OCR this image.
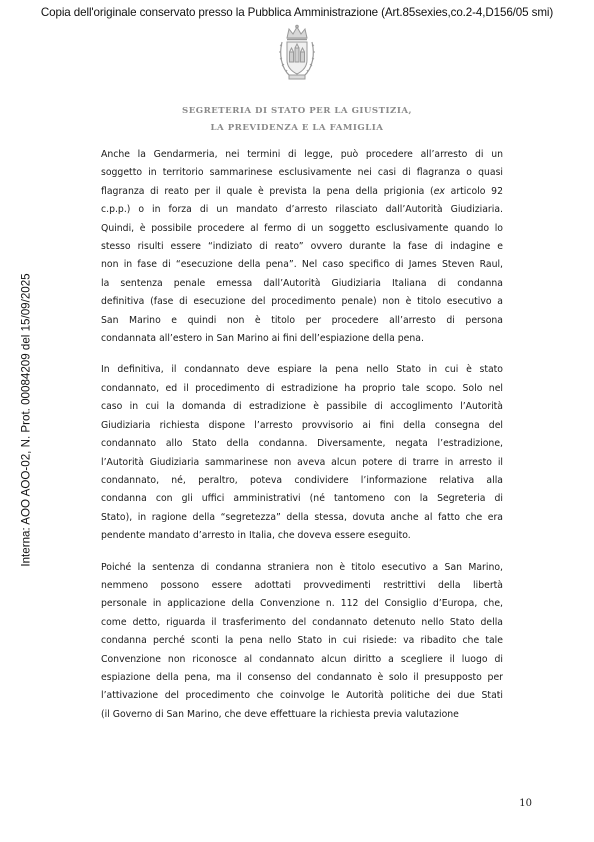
Copia dell'originale conservato presso la Pubblica Amministrazione (Art.85sexies,co.2-4,D156/05 smi)
Interna: AOO AOO-02, N. Prot. 00084209 del 15/09/2025
SEGRETERIA DI STATO PER LA GIUSTIZIA,
LA PREVIDENZA E LA FAMIGLIA

Anche la Gendarmeria, nei termini di legge, può procedere all’arresto di un
soggetto in territorio sammarinese esclusivamente nei casi di flagranza o quasi
flagranza di reato per il quale è prevista la pena della prigionia (ex articolo 92
c.p.p.) o in forza di un mandato d’arresto rilasciato dall’Autorità Giudiziaria.
Quindi, è possibile procedere al fermo di un soggetto esclusivamente quando lo
stesso risulti essere “indiziato di reato” ovvero durante la fase di indagine e
non in fase di “esecuzione della pena”. Nel caso specifico di James Steven Raul,
la sentenza penale emessa dall’Autorità Giudiziaria Italiana di condanna
definitiva (fase di esecuzione del procedimento penale) non è titolo esecutivo a
San Marino e quindi non è titolo per procedere all’arresto di persona
condannata all’estero in San Marino ai fini dell’espiazione della pena.

In definitiva, il condannato deve espiare la pena nello Stato in cui è stato
condannato, ed il procedimento di estradizione ha proprio tale scopo. Solo nel
caso in cui la domanda di estradizione è passibile di accoglimento l’Autorità
Giudiziaria richiesta dispone l’arresto provvisorio ai fini della consegna del
condannato allo Stato della condanna. Diversamente, negata l’estradizione,
l’Autorità Giudiziaria sammarinese non aveva alcun potere di trarre in arresto il
condannato, né, peraltro, poteva condividere l’informazione relativa alla
condanna con gli uffici amministrativi (né tantomeno con la Segreteria di
Stato), in ragione della “segretezza” della stessa, dovuta anche al fatto che era
pendente mandato d’arresto in Italia, che doveva essere eseguito.

Poiché la sentenza di condanna straniera non è titolo esecutivo a San Marino,
nemmeno possono essere adottati provvedimenti restrittivi della libertà
personale in applicazione della Convenzione n. 112 del Consiglio d’Europa, che,
come detto, riguarda il trasferimento del condannato detenuto nello Stato della
condanna perché sconti la pena nello Stato in cui risiede: va ribadito che tale
Convenzione non riconosce al condannato alcun diritto a scegliere il luogo di
espiazione della pena, ma il consenso del condannato è solo il presupposto per
l’attivazione del procedimento che coinvolge le Autorità politiche dei due Stati
(il Governo di San Marino, che deve effettuare la richiesta previa valutazione

10
